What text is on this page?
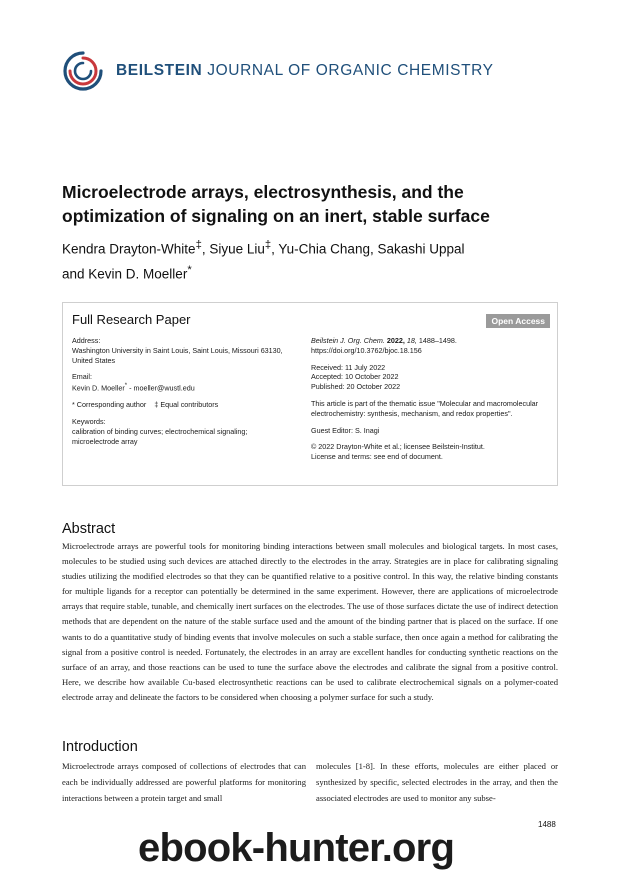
BEILSTEIN JOURNAL OF ORGANIC CHEMISTRY
Microelectrode arrays, electrosynthesis, and the optimization of signaling on an inert, stable surface
Kendra Drayton-White‡, Siyue Liu‡, Yu-Chia Chang, Sakashi Uppal
and Kevin D. Moeller*
Full Research Paper	Open Access
Address:
Washington University in Saint Louis, Saint Louis, Missouri 63130, United States
Email:
Kevin D. Moeller* - moeller@wustl.edu
* Corresponding author ‡ Equal contributors
Keywords:
calibration of binding curves; electrochemical signaling; microelectrode array
Beilstein J. Org. Chem. 2022, 18, 1488–1498.
https://doi.org/10.3762/bjoc.18.156
Received: 11 July 2022
Accepted: 10 October 2022
Published: 20 October 2022
This article is part of the thematic issue "Molecular and macromolecular electrochemistry: synthesis, mechanism, and redox properties".
Guest Editor: S. Inagi
© 2022 Drayton-White et al.; licensee Beilstein-Institut.
License and terms: see end of document.
Abstract

Microelectrode arrays are powerful tools for monitoring binding interactions between small molecules and biological targets. In most cases, molecules to be studied using such devices are attached directly to the electrodes in the array. Strategies are in place for calibrating signaling studies utilizing the modified electrodes so that they can be quantified relative to a positive control. In this way, the relative binding constants for multiple ligands for a receptor can potentially be determined in the same experiment. However, there are applications of microelectrode arrays that require stable, tunable, and chemically inert surfaces on the electrodes. The use of those surfaces dictate the use of indirect detection methods that are dependent on the nature of the stable surface used and the amount of the binding partner that is placed on the surface. If one wants to do a quantitative study of binding events that involve molecules on such a stable surface, then once again a method for calibrating the signal from a positive control is needed. Fortunately, the electrodes in an array are excellent handles for conducting synthetic reactions on the surface of an array, and those reactions can be used to tune the surface above the electrodes and calibrate the signal from a positive control. Here, we describe how available Cu-based electrosynthetic reactions can be used to calibrate electrochemical signals on a polymer-coated electrode array and delineate the factors to be considered when choosing a polymer surface for such a study.

Introduction

Microelectrode arrays composed of collections of electrodes that can each be individually addressed are powerful platforms for monitoring interactions between a protein target and small

molecules [1-8]. In these efforts, molecules are either placed or synthesized by specific, selected electrodes in the array, and then the associated electrodes are used to monitor any subse-

1488
ebook-hunter.org
